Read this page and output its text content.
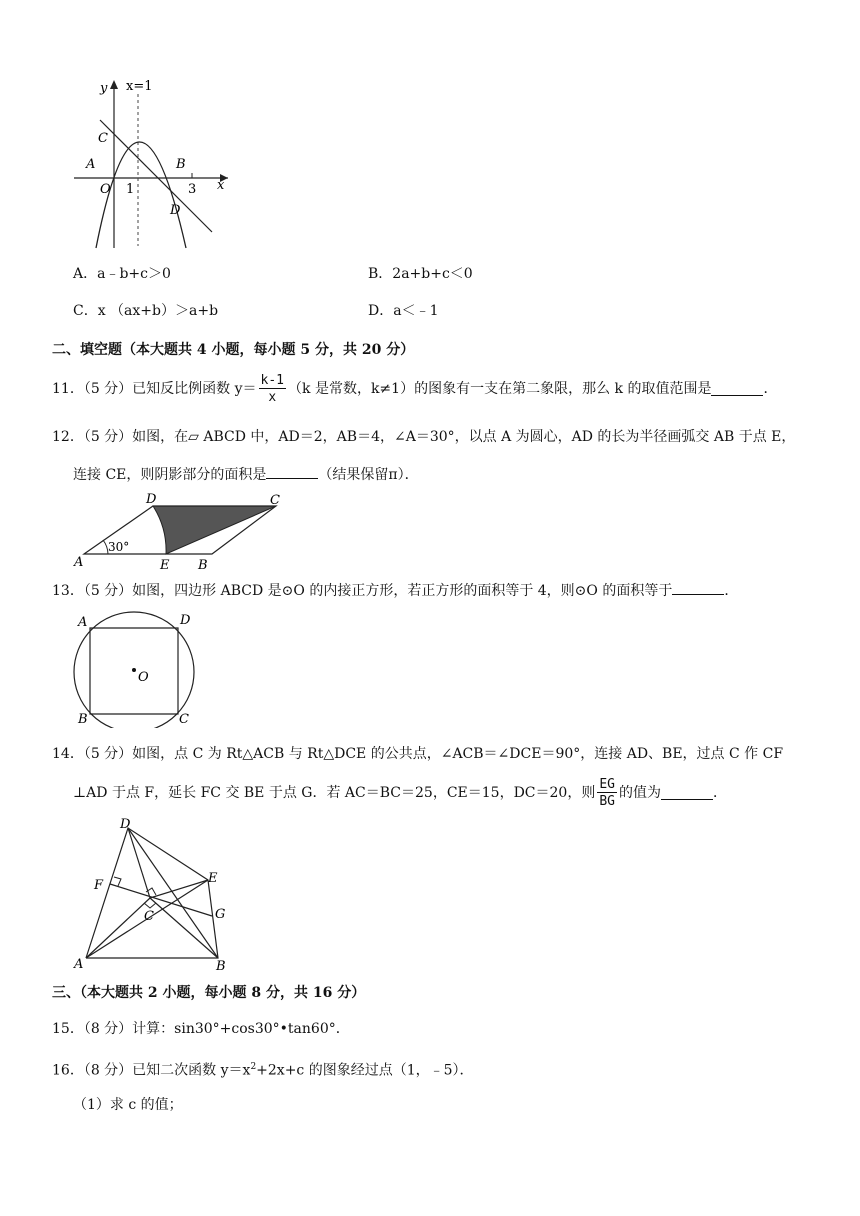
y x=1
C
A
O 1
B
3 x
D
A．a﹣b+c＞0	B．2a+b+c＜0
C．x （ax+b）＞a+b	D．a＜﹣1
二、填空题（本大题共 4 小题，每小题 5 分，共 20 分）
11．（5 分）已知反比例函数 $y= \frac{k-1}{x} (k$ 是常数，k≠1）的图象有一支在第二象限，那么 k 的取值范围是	．
12．（5 分）如图，在▱ ABCD 中，AD＝2，AB＝4，∠A＝30°，以点 A 为圆心，AD 的长为半径画弧交 AB 于点 E，
连接 CE，则阴影部分的面积是	（结果保留π）．
30°
A
D	C
E B
13．（5 分）如图，四边形 ABCD 是⊙O 的内接正方形，若正方形的面积等于 4，则⊙O 的面积等于	．
O
A	D
B	C
14．（5 分）如图，点 C 为 Rt△ACB 与 Rt△DCE 的公共点，∠ACB＝∠DCE＝90°，连接 AD、BE，过点 C 作 CF
⊥AD 于点 F，延长 FC 交 BE 于点 G．若 AC＝BC＝25，CE＝15，DC＝20，则 $\frac{EG}{BG}$ 的值为	．
D
F	E
C	G
A	B
三、（本大题共 2 小题，每小题 8 分，共 16 分）
15．（8 分）计算：sin30°+cos30°•tan60°．
16．（8 分）已知二次函数 $y=x^2+2x+c$ 的图象经过点（1，﹣5）．
（1）求 c 的值；
